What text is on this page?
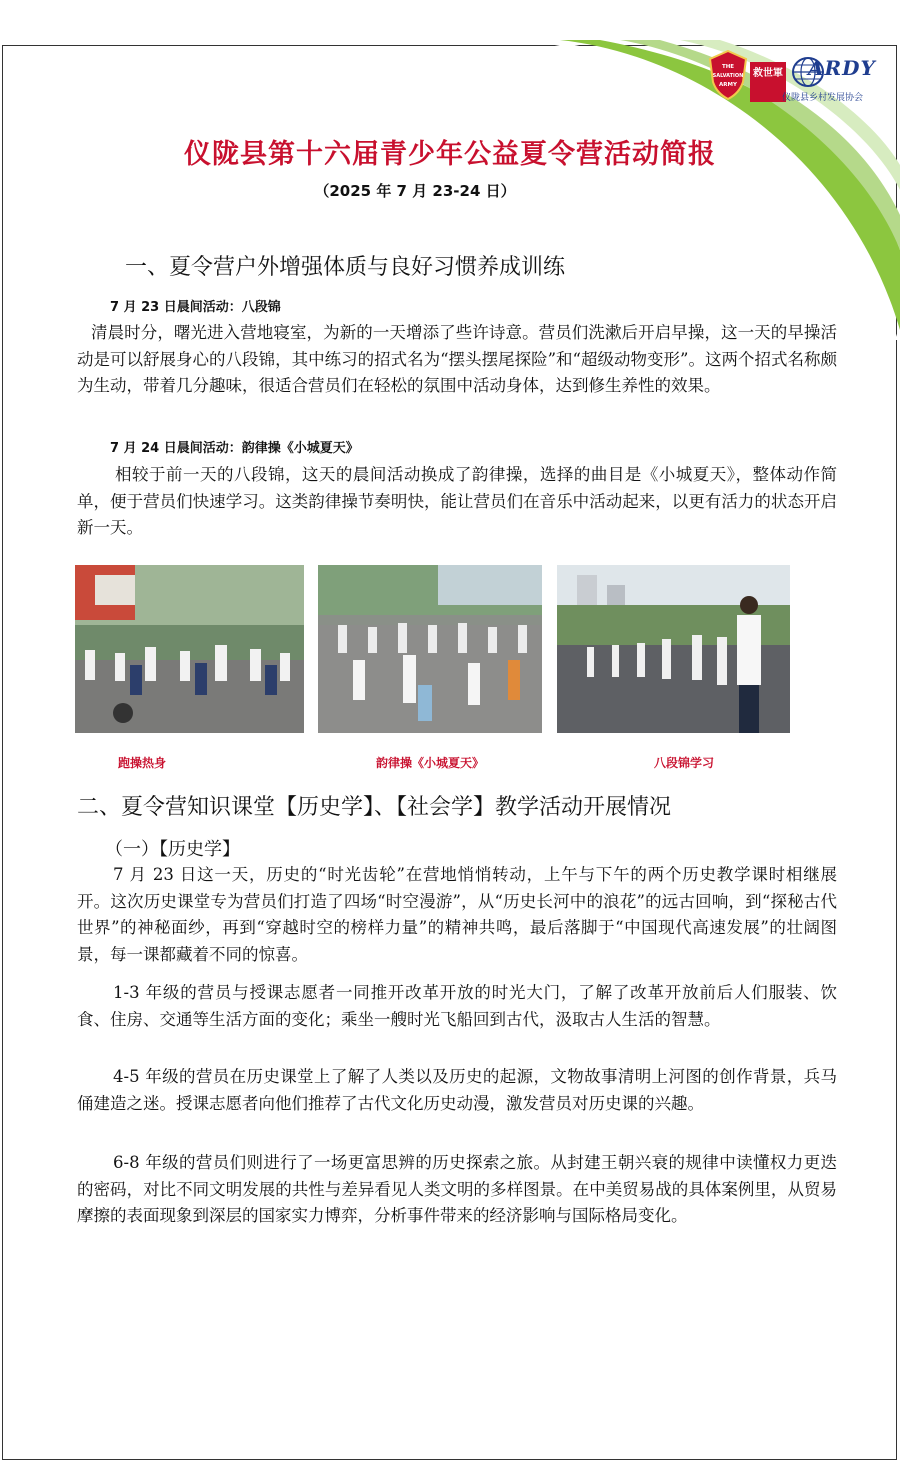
THE
SALVATION
ARMY
救世軍 ARDY
仪陇县乡村发展协会
仪陇县第十六届青少年公益夏令营活动简报
（2025 年 7 月 23-24 日）
一、夏令营户外增强体质与良好习惯养成训练
7 月 23 日晨间活动：八段锦

清晨时分，曙光进入营地寝室，为新的一天增添了些许诗意。营员们洗漱后开启早操，这一天的早操活动是可以舒展身心的八段锦，其中练习的招式名为“摆头摆尾探险”和“超级动物变形”。这两个招式名称颇为生动，带着几分趣味，很适合营员们在轻松的氛围中活动身体，达到修生养性的效果。

7 月 24 日晨间活动：韵律操《小城夏天》

相较于前一天的八段锦，这天的晨间活动换成了韵律操，选择的曲目是《小城夏天》，整体动作简单，便于营员们快速学习。这类韵律操节奏明快，能让营员们在音乐中活动起来，以更有活力的状态开启新一天。

跑操热身	韵律操《小城夏天》	八段锦学习
二、夏令营知识课堂【历史学】、【社会学】教学活动开展情况
（一）【历史学】

7 月 23 日这一天，历史的“时光齿轮”在营地悄悄转动，上午与下午的两个历史教学课时相继展开。这次历史课堂专为营员们打造了四场“时空漫游”，从“历史长河中的浪花”的远古回响，到“探秘古代世界”的神秘面纱，再到“穿越时空的榜样力量”的精神共鸣，最后落脚于“中国现代高速发展”的壮阔图景，每一课都藏着不同的惊喜。

1-3 年级的营员与授课志愿者一同推开改革开放的时光大门，了解了改革开放前后人们服装、饮食、住房、交通等生活方面的变化；乘坐一艘时光飞船回到古代，汲取古人生活的智慧。

4-5 年级的营员在历史课堂上了解了人类以及历史的起源，文物故事清明上河图的创作背景，兵马俑建造之迷。授课志愿者向他们推荐了古代文化历史动漫，激发营员对历史课的兴趣。

6-8 年级的营员们则进行了一场更富思辨的历史探索之旅。从封建王朝兴衰的规律中读懂权力更迭的密码，对比不同文明发展的共性与差异看见人类文明的多样图景。在中美贸易战的具体案例里，从贸易摩擦的表面现象到深层的国家实力博弈，分析事件带来的经济影响与国际格局变化。
